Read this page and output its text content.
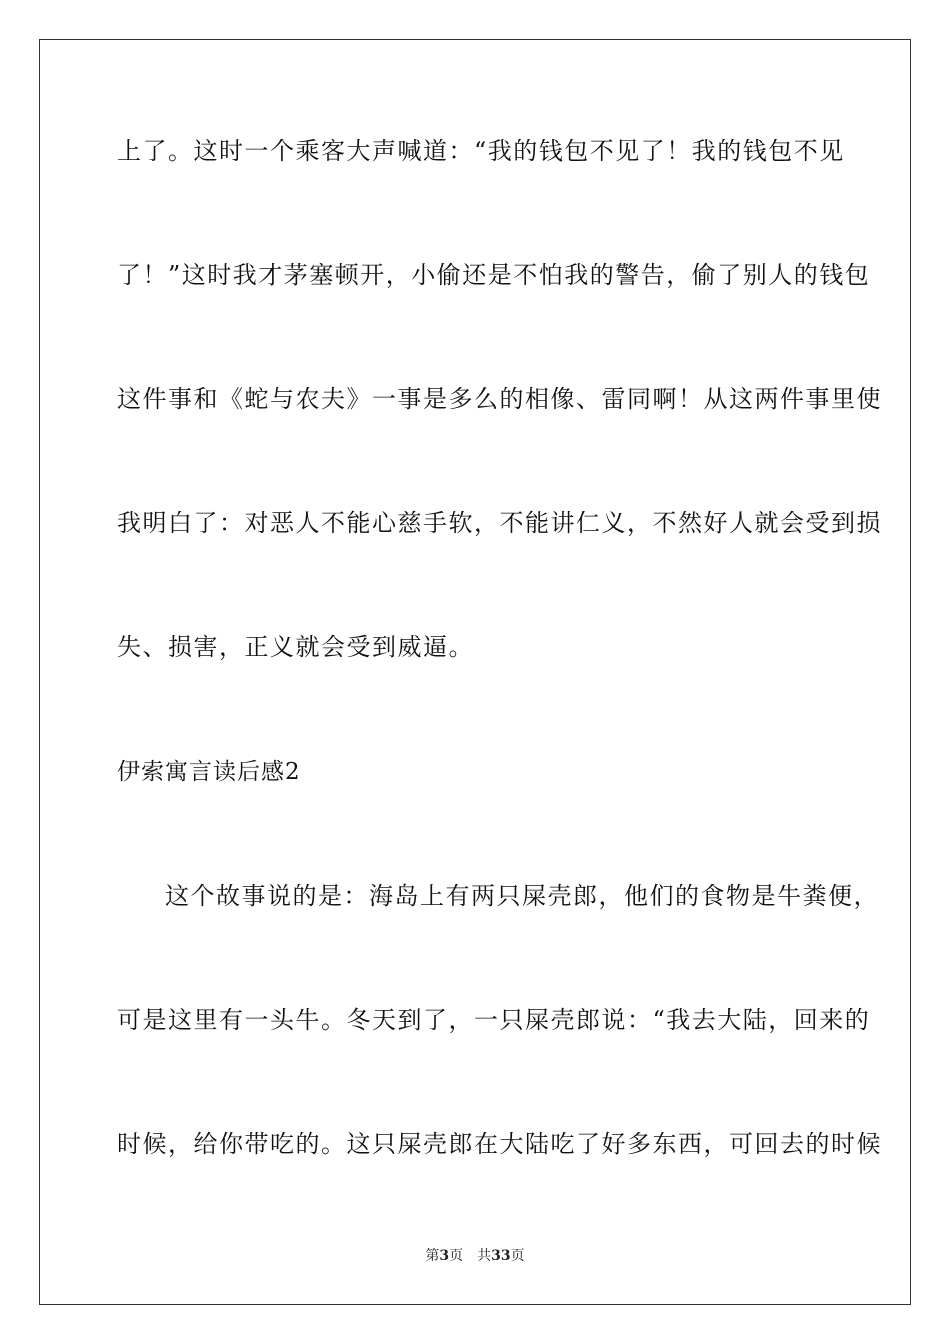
上了。这时一个乘客大声喊道：“我的钱包不见了！我的钱包不见
了！”这时我才茅塞顿开，小偷还是不怕我的警告，偷了别人的钱包
这件事和《蛇与农夫》一事是多么的相像、雷同啊！从这两件事里使
我明白了：对恶人不能心慈手软，不能讲仁义，不然好人就会受到损
失、损害，正义就会受到威逼。
伊索寓言读后感2
这个故事说的是：海岛上有两只屎壳郎，他们的食物是牛粪便，
可是这里有一头牛。冬天到了，一只屎壳郎说：“我去大陆，回来的
时候，给你带吃的。这只屎壳郎在大陆吃了好多东西，可回去的时候
第3页 共33页
